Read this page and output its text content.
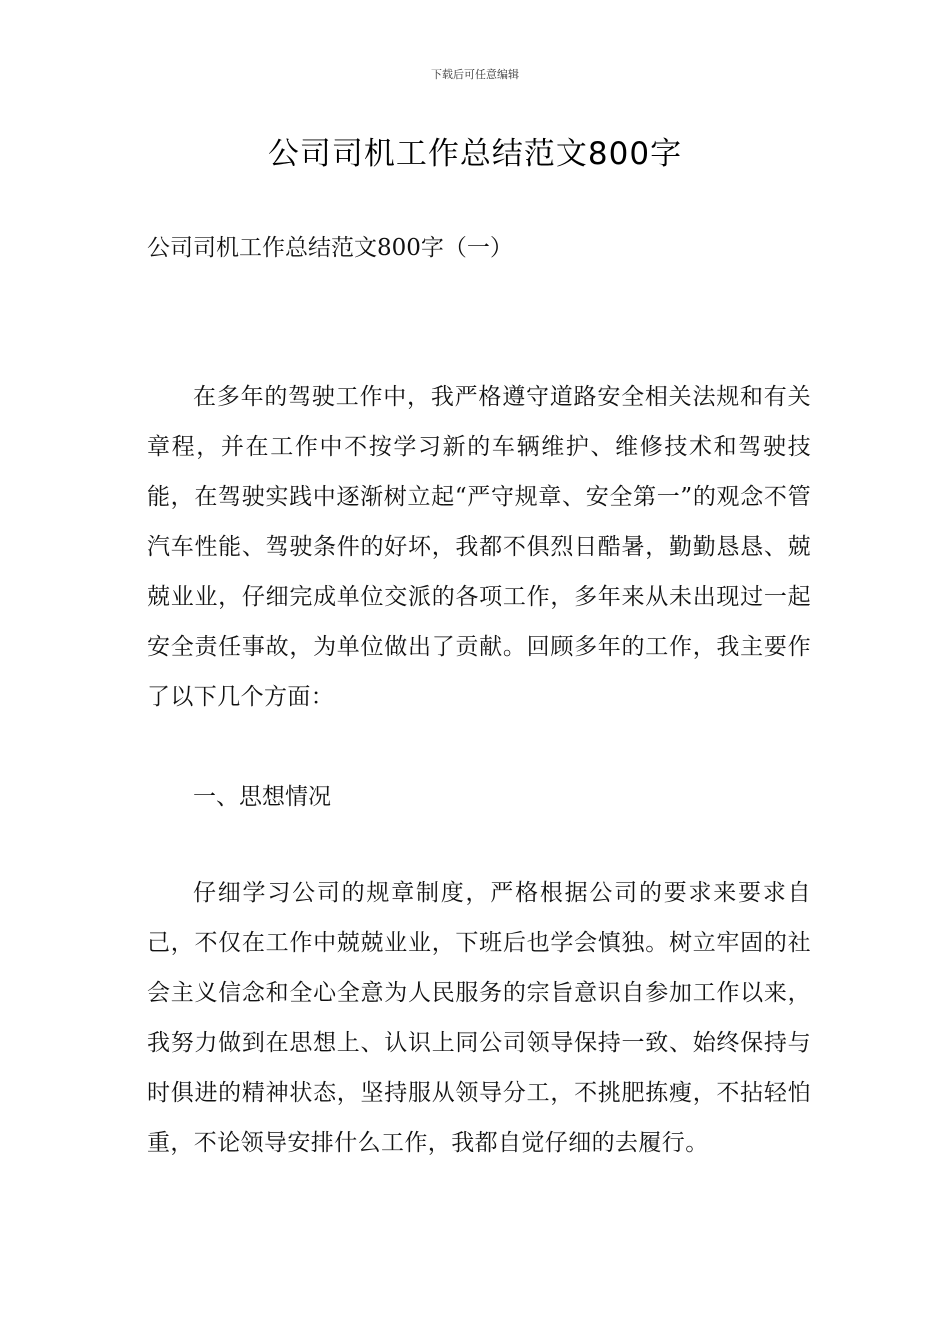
下载后可任意编辑
公司司机工作总结范文800字

公司司机工作总结范文800字（一）

在多年的驾驶工作中，我严格遵守道路安全相关法规和有关章程，并在工作中不按学习新的车辆维护、维修技术和驾驶技能，在驾驶实践中逐渐树立起“严守规章、安全第一”的观念不管汽车性能、驾驶条件的好坏，我都不俱烈日酷暑，勤勤恳恳、兢兢业业，仔细完成单位交派的各项工作，多年来从未出现过一起安全责任事故，为单位做出了贡献。回顾多年的工作，我主要作了以下几个方面：

一、思想情况

仔细学习公司的规章制度，严格根据公司的要求来要求自己，不仅在工作中兢兢业业，下班后也学会慎独。树立牢固的社会主义信念和全心全意为人民服务的宗旨意识自参加工作以来，我努力做到在思想上、认识上同公司领导保持一致、始终保持与时俱进的精神状态，坚持服从领导分工，不挑肥拣瘦，不拈轻怕重，不论领导安排什么工作，我都自觉仔细的去履行。
